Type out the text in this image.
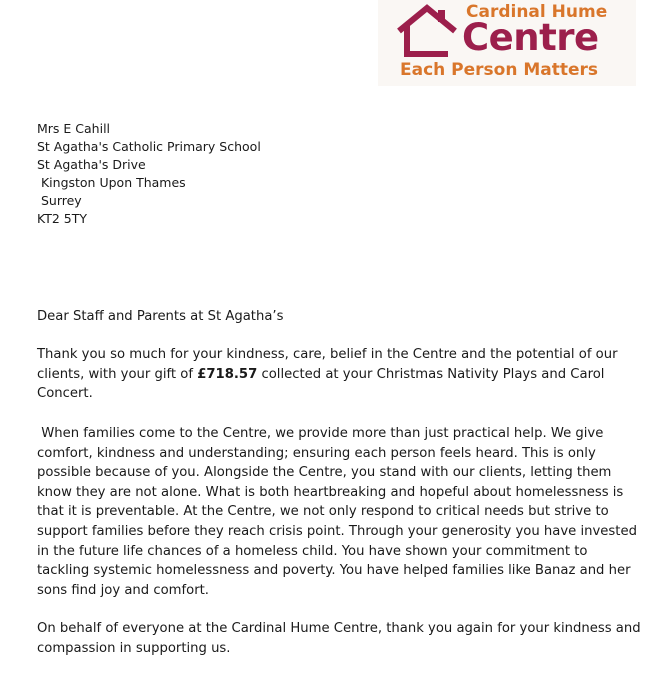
Cardinal Hume
Centre
Each Person Matters
Mrs E Cahill
St Agatha's Catholic Primary School
St Agatha's Drive
Kingston Upon Thames
Surrey
KT2 5TY
Dear Staff and Parents at St Agatha’s
Thank you so much for your kindness, care, belief in the Centre and the potential of our clients, with your gift of £718.57 collected at your Christmas Nativity Plays and Carol Concert.
When families come to the Centre, we provide more than just practical help. We give comfort, kindness and understanding; ensuring each person feels heard. This is only possible because of you. Alongside the Centre, you stand with our clients, letting them know they are not alone. What is both heartbreaking and hopeful about homelessness is that it is preventable. At the Centre, we not only respond to critical needs but strive to support families before they reach crisis point. Through your generosity you have invested in the future life chances of a homeless child. You have shown your commitment to tackling systemic homelessness and poverty. You have helped families like Banaz and her sons find joy and comfort.
On behalf of everyone at the Cardinal Hume Centre, thank you again for your kindness and compassion in supporting us.
